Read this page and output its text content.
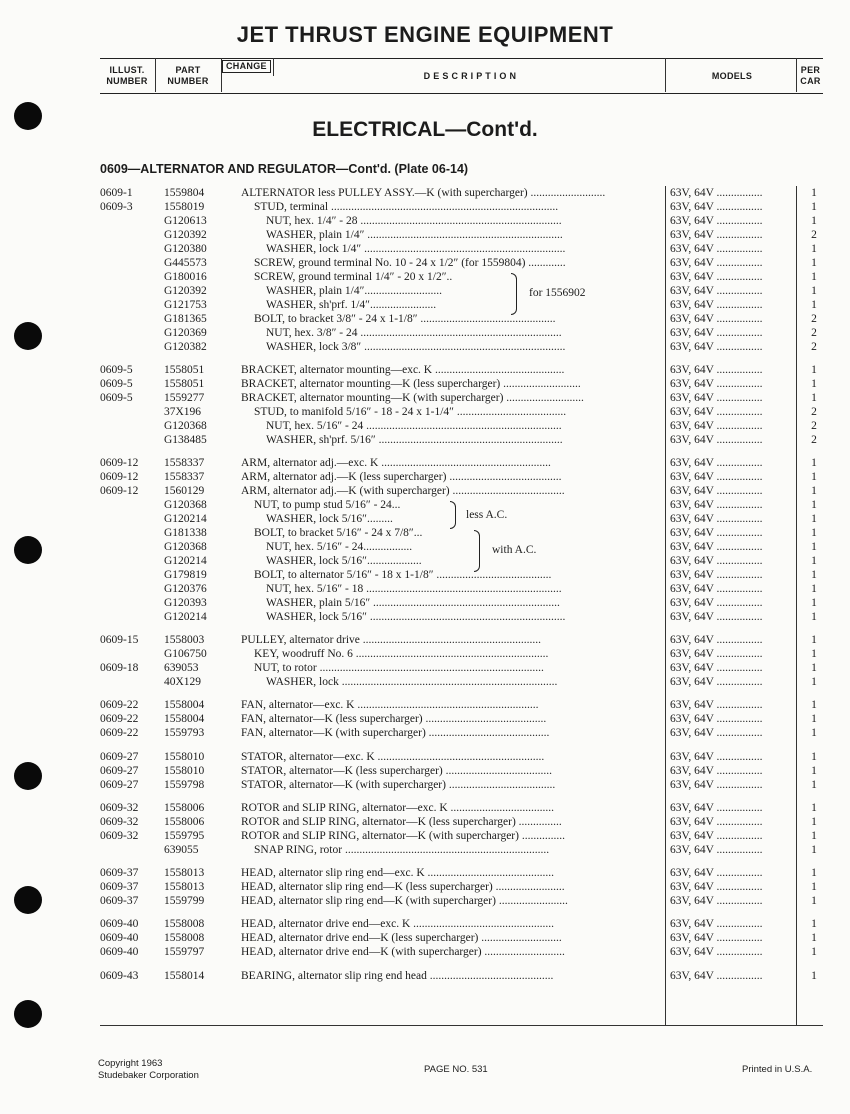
JET THRUST ENGINE EQUIPMENT
ILLUST. NUMBER
PART NUMBER
CHANGE
D E S C R I P T I O N	MODELS
PER CAR
ELECTRICAL—Cont'd.
0609—ALTERNATOR AND REGULATOR—Cont'd. (Plate 06-14)
0609-1	1559804	ALTERNATOR less PULLEY ASSY.—K (with supercharger) ..........................	63V, 64V ................	1
0609-3	1558019	STUD, terminal ...............................................................................	63V, 64V ................	1
G120613	NUT, hex. 1/4″ - 28 ......................................................................	63V, 64V ................	1
G120392	WASHER, plain 1/4″ ....................................................................	63V, 64V ................	2
G120380	WASHER, lock 1/4″ ......................................................................	63V, 64V ................	1
G445573	SCREW, ground terminal No. 10 - 24 x 1/2″ (for 1559804) .............	63V, 64V ................	1
G180016	SCREW, ground terminal 1/4″ - 20 x 1/2″..	63V, 64V ................	1
G120392	WASHER, plain 1/4″...........................	63V, 64V ................	1
G121753	WASHER, sh'prf. 1/4″.......................	63V, 64V ................	1
G181365	BOLT, to bracket 3/8″ - 24 x 1-1/8″ ...............................................	63V, 64V ................	2
G120369	NUT, hex. 3/8″ - 24 ......................................................................	63V, 64V ................	2
G120382	WASHER, lock 3/8″ ......................................................................	63V, 64V ................	2
0609-5	1558051	BRACKET, alternator mounting—exc. K .............................................	63V, 64V ................	1
0609-5	1558051	BRACKET, alternator mounting—K (less supercharger) ...........................	63V, 64V ................	1
0609-5	1559277	BRACKET, alternator mounting—K (with supercharger) ...........................	63V, 64V ................	1
37X196	STUD, to manifold 5/16″ - 18 - 24 x 1-1/4″ ......................................	63V, 64V ................	2
G120368	NUT, hex. 5/16″ - 24 ....................................................................	63V, 64V ................	2
G138485	WASHER, sh'prf. 5/16″ ................................................................	63V, 64V ................	2
0609-12 1558337	ARM, alternator adj.—exc. K ...........................................................	63V, 64V ................	1
0609-12 1558337	ARM, alternator adj.—K (less supercharger) .......................................	63V, 64V ................	1
0609-12 1560129	ARM, alternator adj.—K (with supercharger) .......................................	63V, 64V ................	1
G120368	NUT, to pump stud 5/16″ - 24...	63V, 64V ................	1
G120214	WASHER, lock 5/16″.........	63V, 64V ................	1
G181338	BOLT, to bracket 5/16″ - 24 x 7/8″...	63V, 64V ................	1
G120368	NUT, hex. 5/16″ - 24.................	63V, 64V ................	1
G120214	WASHER, lock 5/16″...................	63V, 64V ................	1
G179819	BOLT, to alternator 5/16″ - 18 x 1-1/8″ ........................................	63V, 64V ................	1
G120376	NUT, hex. 5/16″ - 18 ....................................................................	63V, 64V ................	1
G120393	WASHER, plain 5/16″ .................................................................	63V, 64V ................	1
G120214	WASHER, lock 5/16″ ....................................................................	63V, 64V ................	1
0609-15 1558003	PULLEY, alternator drive ..............................................................	63V, 64V ................	1
G106750	KEY, woodruff No. 6 ...................................................................	63V, 64V ................	1
0609-18 639053	NUT, to rotor ..............................................................................	63V, 64V ................	1
40X129	WASHER, lock ...........................................................................	63V, 64V ................	1
0609-22 1558004	FAN, alternator—exc. K ...............................................................	63V, 64V ................	1
0609-22 1558004	FAN, alternator—K (less supercharger) ..........................................	63V, 64V ................	1
0609-22 1559793	FAN, alternator—K (with supercharger) ..........................................	63V, 64V ................	1
0609-27 1558010	STATOR, alternator—exc. K ..........................................................	63V, 64V ................	1
0609-27 1558010	STATOR, alternator—K (less supercharger) .....................................	63V, 64V ................	1
0609-27 1559798	STATOR, alternator—K (with supercharger) .....................................	63V, 64V ................	1
0609-32 1558006	ROTOR and SLIP RING, alternator—exc. K ....................................	63V, 64V ................	1
0609-32 1558006	ROTOR and SLIP RING, alternator—K (less supercharger) ...............	63V, 64V ................	1
0609-32 1559795	ROTOR and SLIP RING, alternator—K (with supercharger) ...............	63V, 64V ................	1
639055	SNAP RING, rotor .......................................................................	63V, 64V ................	1
0609-37 1558013	HEAD, alternator slip ring end—exc. K ............................................	63V, 64V ................	1
0609-37 1558013	HEAD, alternator slip ring end—K (less supercharger) ........................	63V, 64V ................	1
0609-37 1559799	HEAD, alternator slip ring end—K (with supercharger) ........................	63V, 64V ................	1
0609-40 1558008	HEAD, alternator drive end—exc. K .................................................	63V, 64V ................	1
0609-40 1558008	HEAD, alternator drive end—K (less supercharger) ............................	63V, 64V ................	1
0609-40 1559797	HEAD, alternator drive end—K (with supercharger) ............................	63V, 64V ................	1
0609-43 1558014	BEARING, alternator slip ring end head ...........................................	63V, 64V ................	1
for 1556902
less A.C.
with A.C.
Copyright 1963
Studebaker Corporation
PAGE NO. 531	Printed in U.S.A.
